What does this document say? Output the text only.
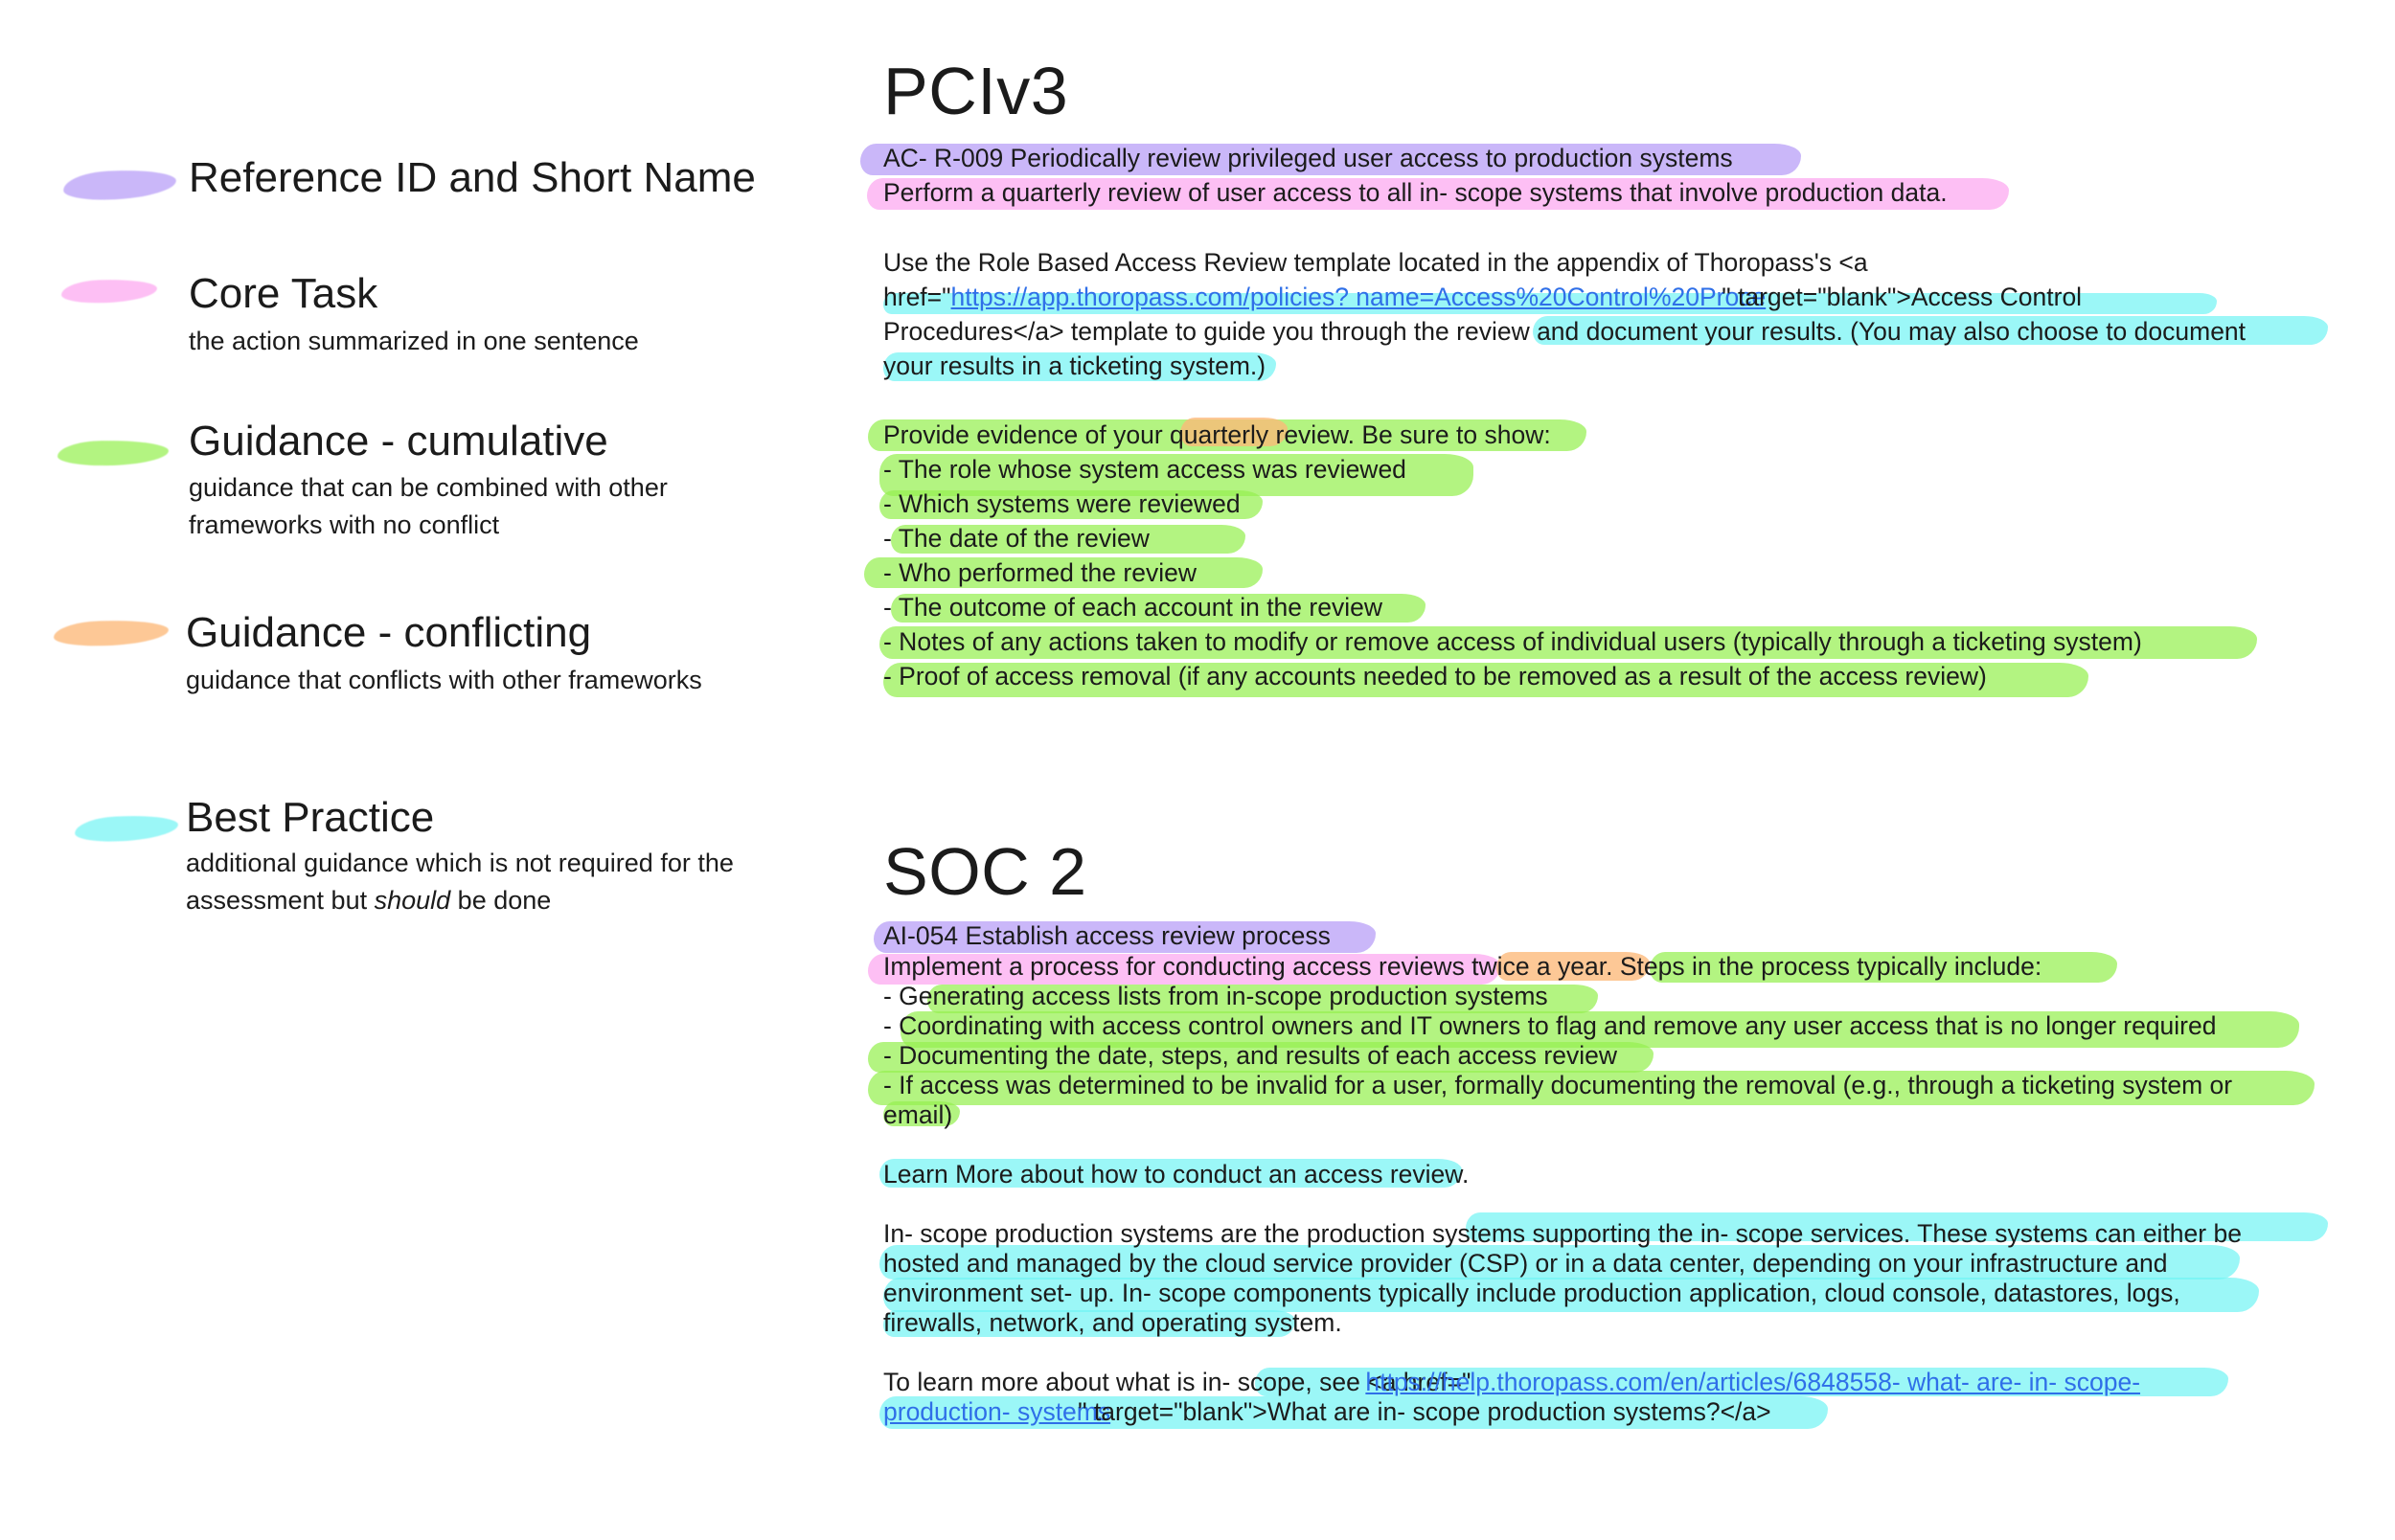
Reference ID and Short Name
Core Task
the action summarized in one sentence
Guidance - cumulative
guidance that can be combined with other frameworks with no conflict
Guidance - conflicting
guidance that conflicts with other frameworks
Best Practice
additional guidance which is not required for the assessment but should be done
PCIv3
AC- R-009 Periodically review privileged user access to production systems
Perform a quarterly review of user access to all in- scope systems that involve production data.
Use the Role Based Access Review template located in the appendix of Thoropass's <a
href="https://app.thoropass.com/policies? name=Access%20Control%20Proce" target="blank">Access Control
Procedures</a> template to guide you through the review and document your results. (You may also choose to document
your results in a ticketing system.)
Provide evidence of your quarterly review. Be sure to show:
- The role whose system access was reviewed
- Which systems were reviewed
- The date of the review
- Who performed the review
- The outcome of each account in the review
- Notes of any actions taken to modify or remove access of individual users (typically through a ticketing system)
- Proof of access removal (if any accounts needed to be removed as a result of the access review)
SOC 2
AI-054 Establish access review process
Implement a process for conducting access reviews twice a year. Steps in the process typically include:
- Generating access lists from in-scope production systems
- Coordinating with access control owners and IT owners to flag and remove any user access that is no longer required
- Documenting the date, steps, and results of each access review
- If access was determined to be invalid for a user, formally documenting the removal (e.g., through a ticketing system or
email)
Learn More about how to conduct an access review.
In- scope production systems are the production systems supporting the in- scope services. These systems can either be
hosted and managed by the cloud service provider (CSP) or in a data center, depending on your infrastructure and
environment set- up. In- scope components typically include production application, cloud console, datastores, logs,
firewalls, network, and operating system.
To learn more about what is in- scope, see <a href="https://help.thoropass.com/en/articles/6848558- what- are- in- scope-
production- systems" target="blank">What are in- scope production systems?</a>
